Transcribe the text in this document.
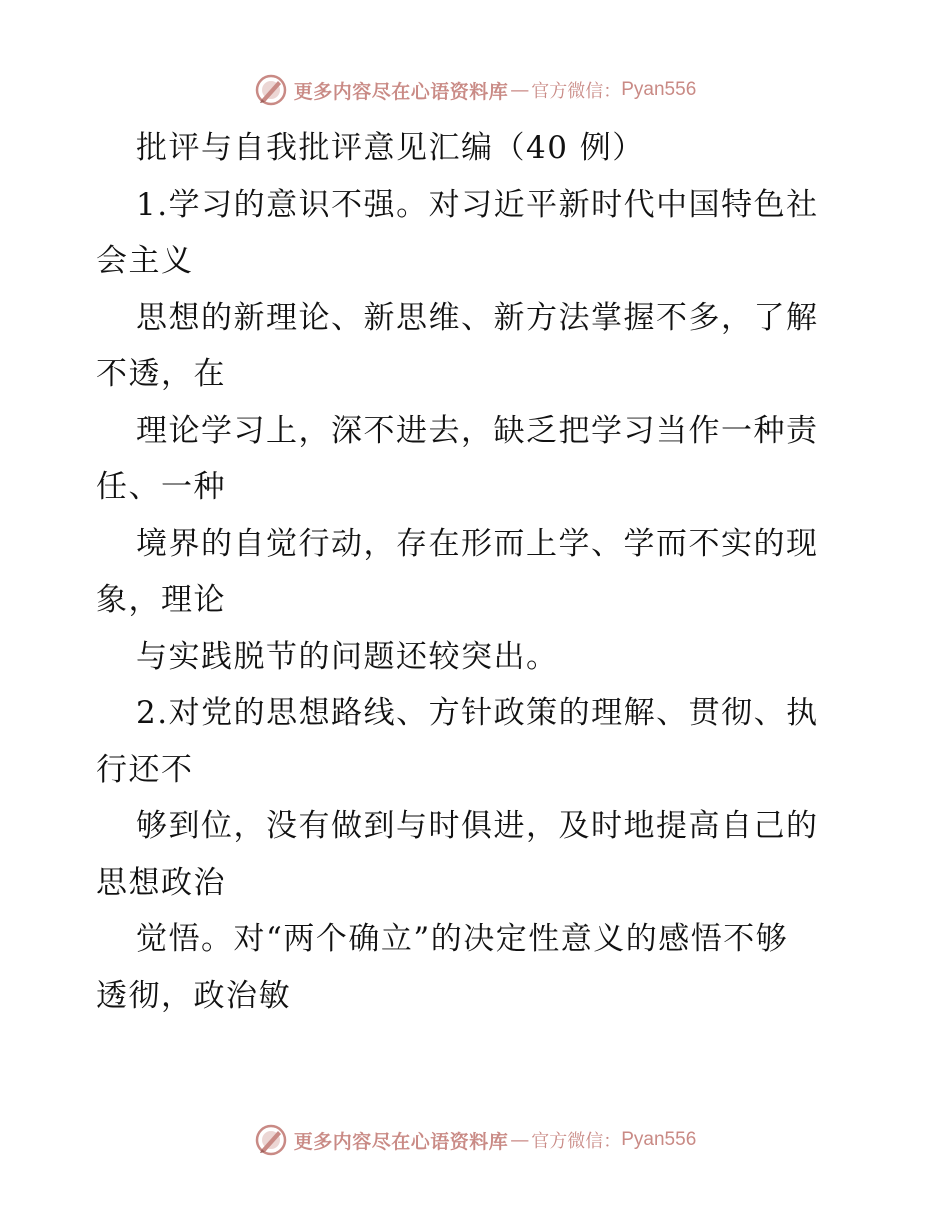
更多内容尽在心语资料库 — 官方微信： Pyan556
批评与自我批评意见汇编（40 例）
1.学习的意识不强。对习近平新时代中国特色社
会主义
思想的新理论、新思维、新方法掌握不多，了解
不透，在
理论学习上，深不进去，缺乏把学习当作一种责
任、一种
境界的自觉行动，存在形而上学、学而不实的现
象，理论
与实践脱节的问题还较突出。
2.对党的思想路线、方针政策的理解、贯彻、执
行还不
够到位，没有做到与时俱进，及时地提高自己的
思想政治
觉悟。对“两个确立”的决定性意义的感悟不够
透彻，政治敏
更多内容尽在心语资料库 — 官方微信： Pyan556
